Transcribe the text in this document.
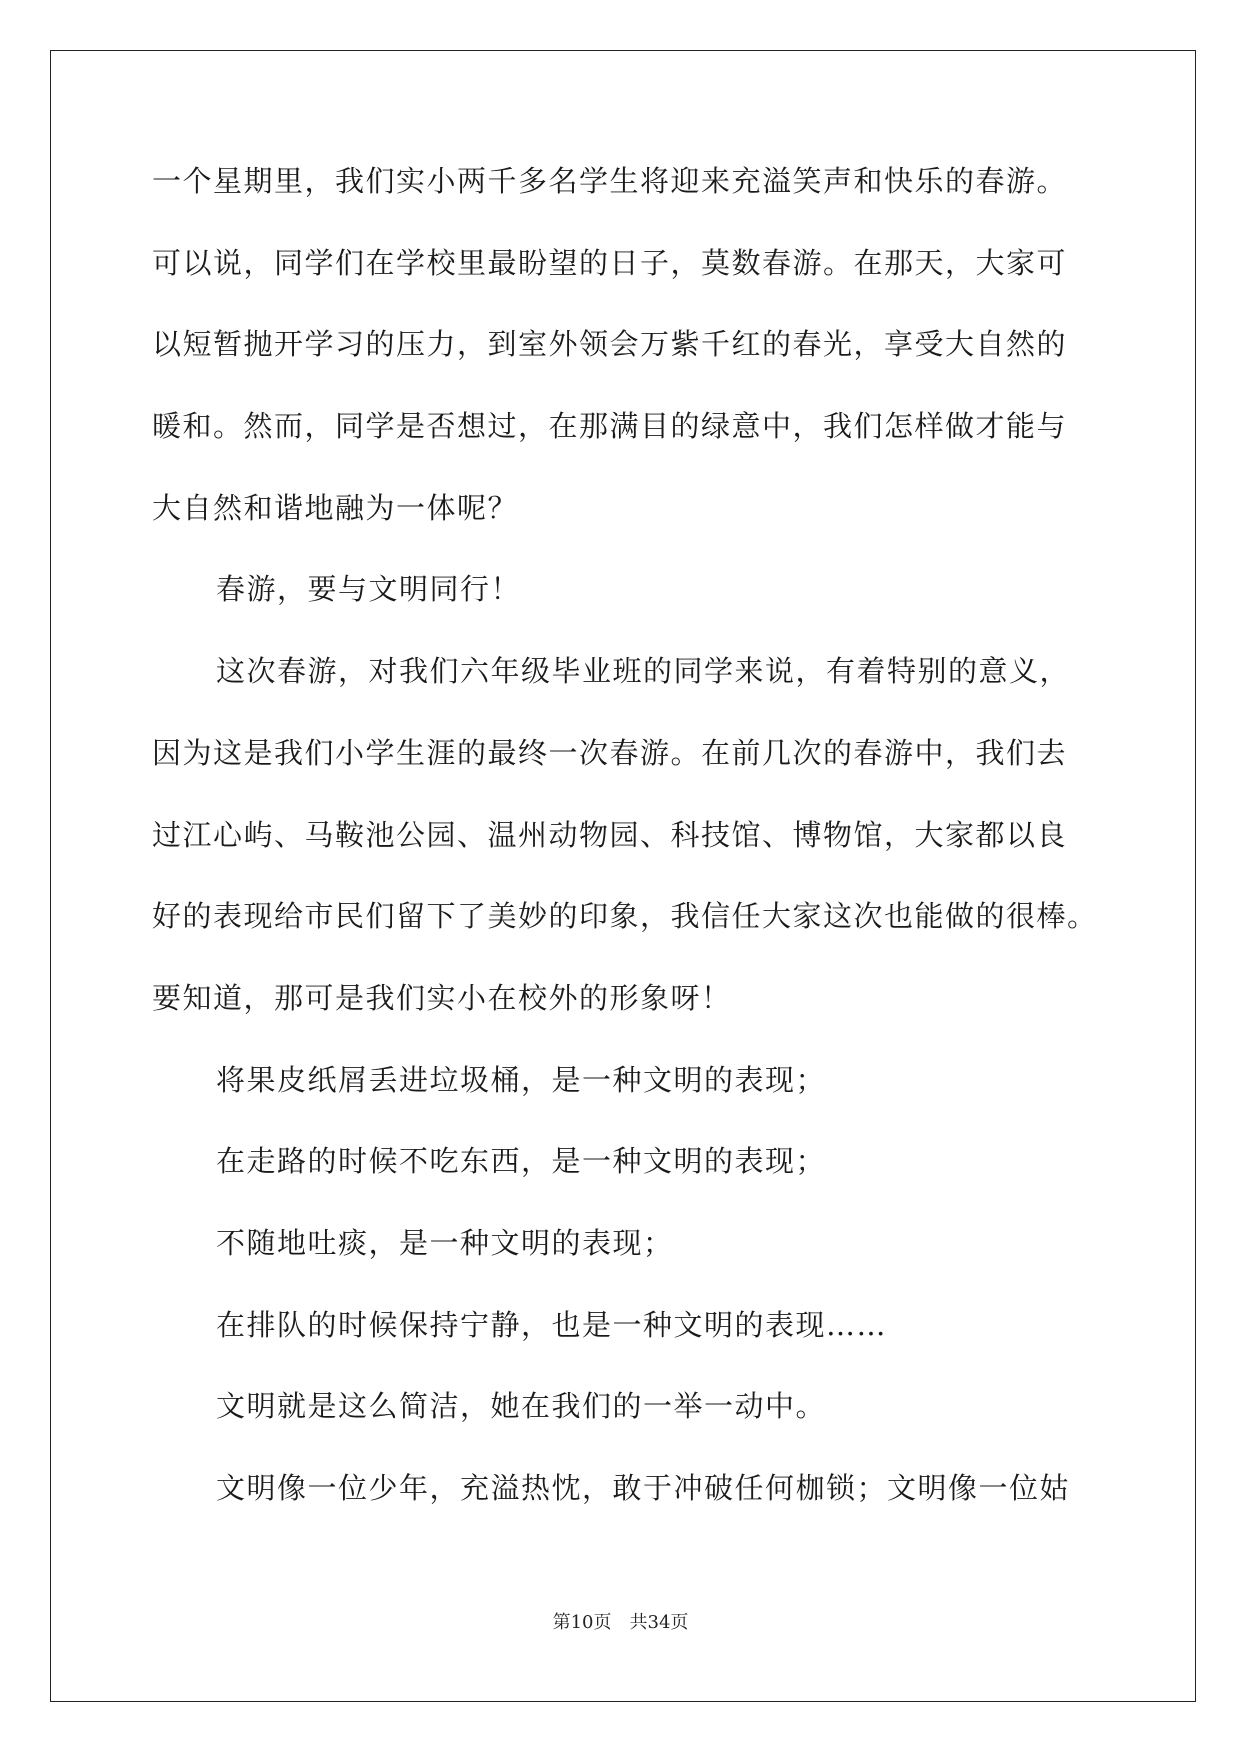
一个星期里，我们实小两千多名学生将迎来充溢笑声和快乐的春游。
可以说，同学们在学校里最盼望的日子，莫数春游。在那天，大家可
以短暂抛开学习的压力，到室外领会万紫千红的春光，享受大自然的
暖和。然而，同学是否想过，在那满目的绿意中，我们怎样做才能与
大自然和谐地融为一体呢？
春游，要与文明同行！
这次春游，对我们六年级毕业班的同学来说，有着特别的意义，
因为这是我们小学生涯的最终一次春游。在前几次的春游中，我们去
过江心屿、马鞍池公园、温州动物园、科技馆、博物馆，大家都以良
好的表现给市民们留下了美妙的印象，我信任大家这次也能做的很棒。
要知道，那可是我们实小在校外的形象呀！
将果皮纸屑丢进垃圾桶，是一种文明的表现；
在走路的时候不吃东西，是一种文明的表现；
不随地吐痰，是一种文明的表现；
在排队的时候保持宁静，也是一种文明的表现……
文明就是这么简洁，她在我们的一举一动中。
文明像一位少年，充溢热忱，敢于冲破任何枷锁；文明像一位姑
第10页　共34页
